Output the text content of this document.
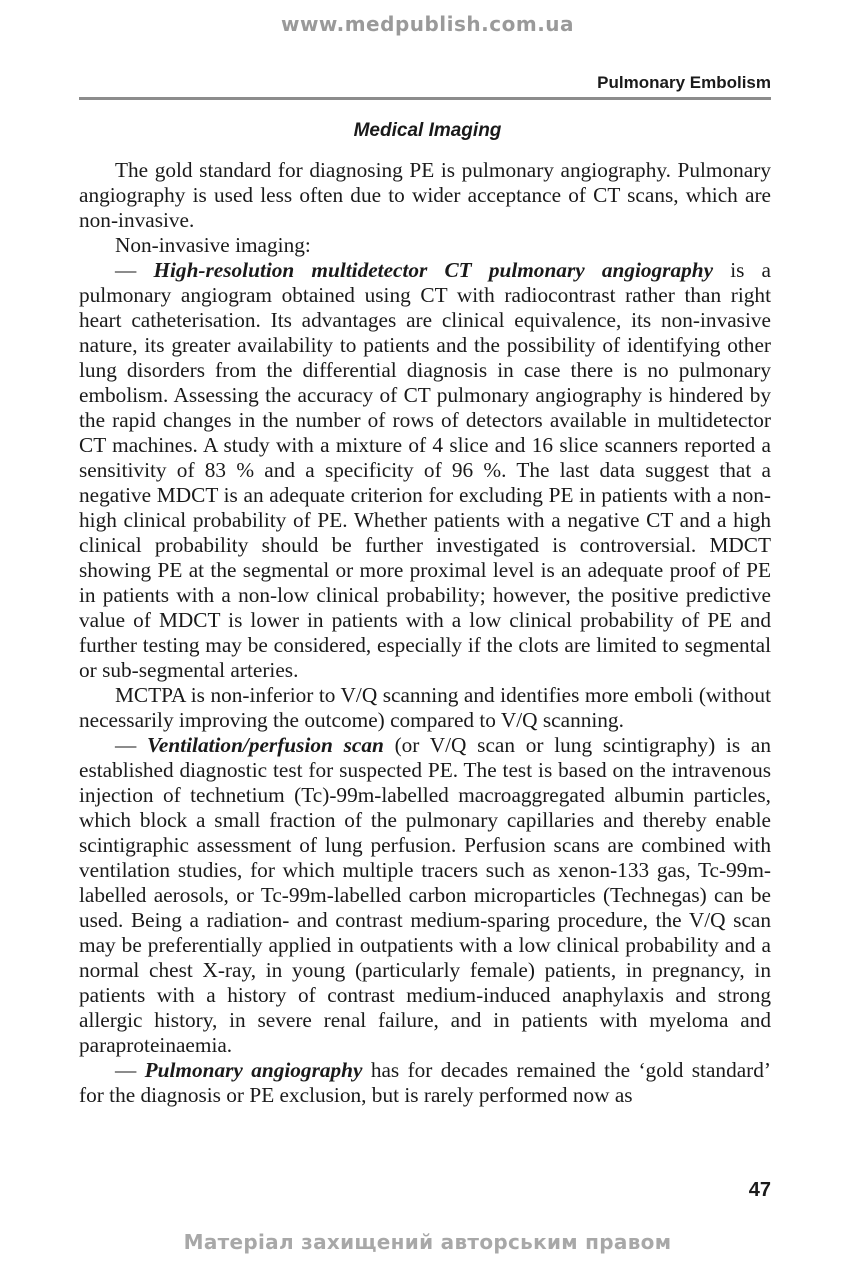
www.medpublish.com.ua
Pulmonary Embolism
Medical Imaging

The gold standard for diagnosing PE is pulmonary angiography. Pulmonary angiography is used less often due to wider acceptance of CT scans, which are non-invasive.

Non-invasive imaging:

— High-resolution multidetector CT pulmonary angiography is a pulmonary angiogram obtained using CT with radiocontrast rather than right heart catheterisation. Its advantages are clinical equivalence, its non-invasive nature, its greater availability to patients and the possibility of identifying other lung disorders from the differential diagnosis in case there is no pulmonary embolism. Assessing the accuracy of CT pulmonary angiography is hindered by the rapid changes in the number of rows of detectors available in multidetector CT machines. A study with a mixture of 4 slice and 16 slice scanners reported a sensitivity of 83 % and a specificity of 96 %. The last data suggest that a negative MDCT is an adequate criterion for excluding PE in patients with a non-high clinical probability of PE. Whether patients with a negative CT and a high clinical probability should be further investigated is controversial. MDCT showing PE at the segmental or more proximal level is an adequate proof of PE in patients with a non-low clinical probability; however, the positive predictive value of MDCT is lower in patients with a low clinical probability of PE and further testing may be considered, especially if the clots are limited to segmental or sub-segmental arteries.

MCTPA is non-inferior to V/Q scanning and identifies more emboli (without necessarily improving the outcome) compared to V/Q scanning.

— Ventilation/perfusion scan (or V/Q scan or lung scintigraphy) is an established diagnostic test for suspected PE. The test is based on the intravenous injection of technetium (Tc)-99m-labelled macroaggregated albumin particles, which block a small fraction of the pulmonary capillaries and thereby enable scintigraphic assessment of lung perfusion. Perfusion scans are combined with ventilation studies, for which multiple tracers such as xenon-133 gas, Tc-99m-labelled aerosols, or Tc-99m-labelled carbon microparticles (Technegas) can be used. Being a radiation- and contrast medium-sparing procedure, the V/Q scan may be preferentially applied in outpatients with a low clinical probability and a normal chest X-ray, in young (particularly female) patients, in pregnancy, in patients with a history of contrast medium-induced anaphylaxis and strong allergic history, in severe renal failure, and in patients with myeloma and paraproteinaemia.

— Pulmonary angiography has for decades remained the ‘gold standard’ for the diagnosis or PE exclusion, but is rarely performed now as

47
Матеріал захищений авторським правом
